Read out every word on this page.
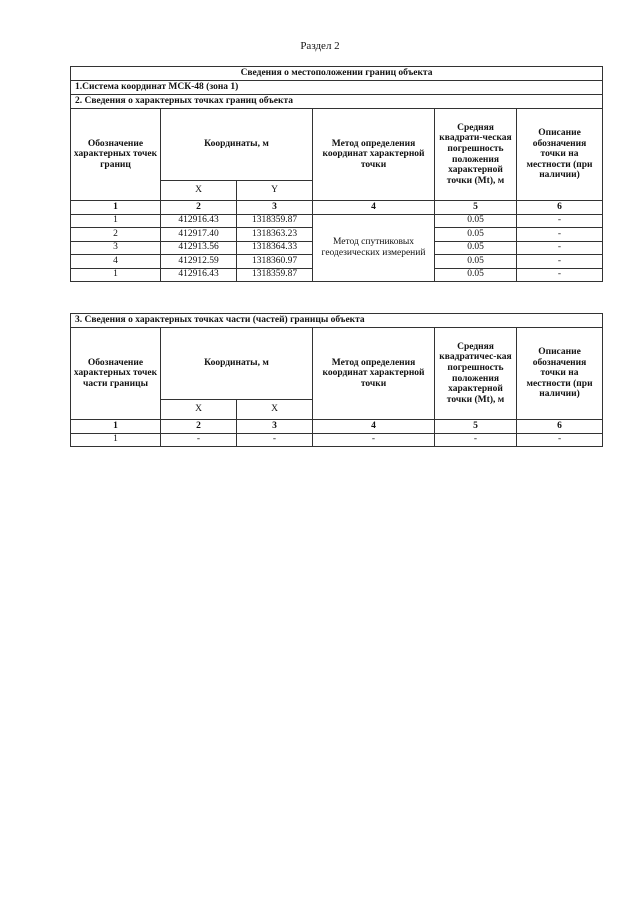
Раздел 2
Сведения о местоположении границ объекта					
1.Система координат МСК-48 (зона 1)					
2. Сведения о характерных точках границ объекта					
Обозначение характерных точек границ	Координаты, м		Метод определения координат характерной точки	Средняя квадрати-ческая погрешность положения характерной точки (Mt), м	Описание обозначения точки на местности (при наличии)
	X	Y			
1	2	3	4	5	6
1	412916.43	1318359.87	Метод спутниковых геодезических измерений	0.05	-
2	412917.40	1318363.23		0.05	-
3	412913.56	1318364.33		0.05	-
4	412912.59	1318360.97		0.05	-
1	412916.43	1318359.87		0.05	-
3. Сведения о характерных точках части (частей) границы объекта					
Обозначение характерных точек части границы	Координаты, м		Метод определения координат характерной точки	Средняя квадратичес-кая погрешность положения характерной точки (Mt), м	Описание обозначения точки на местности (при наличии)
	X	X			
1	2	3	4	5	6
1	-	-	-	-	-
